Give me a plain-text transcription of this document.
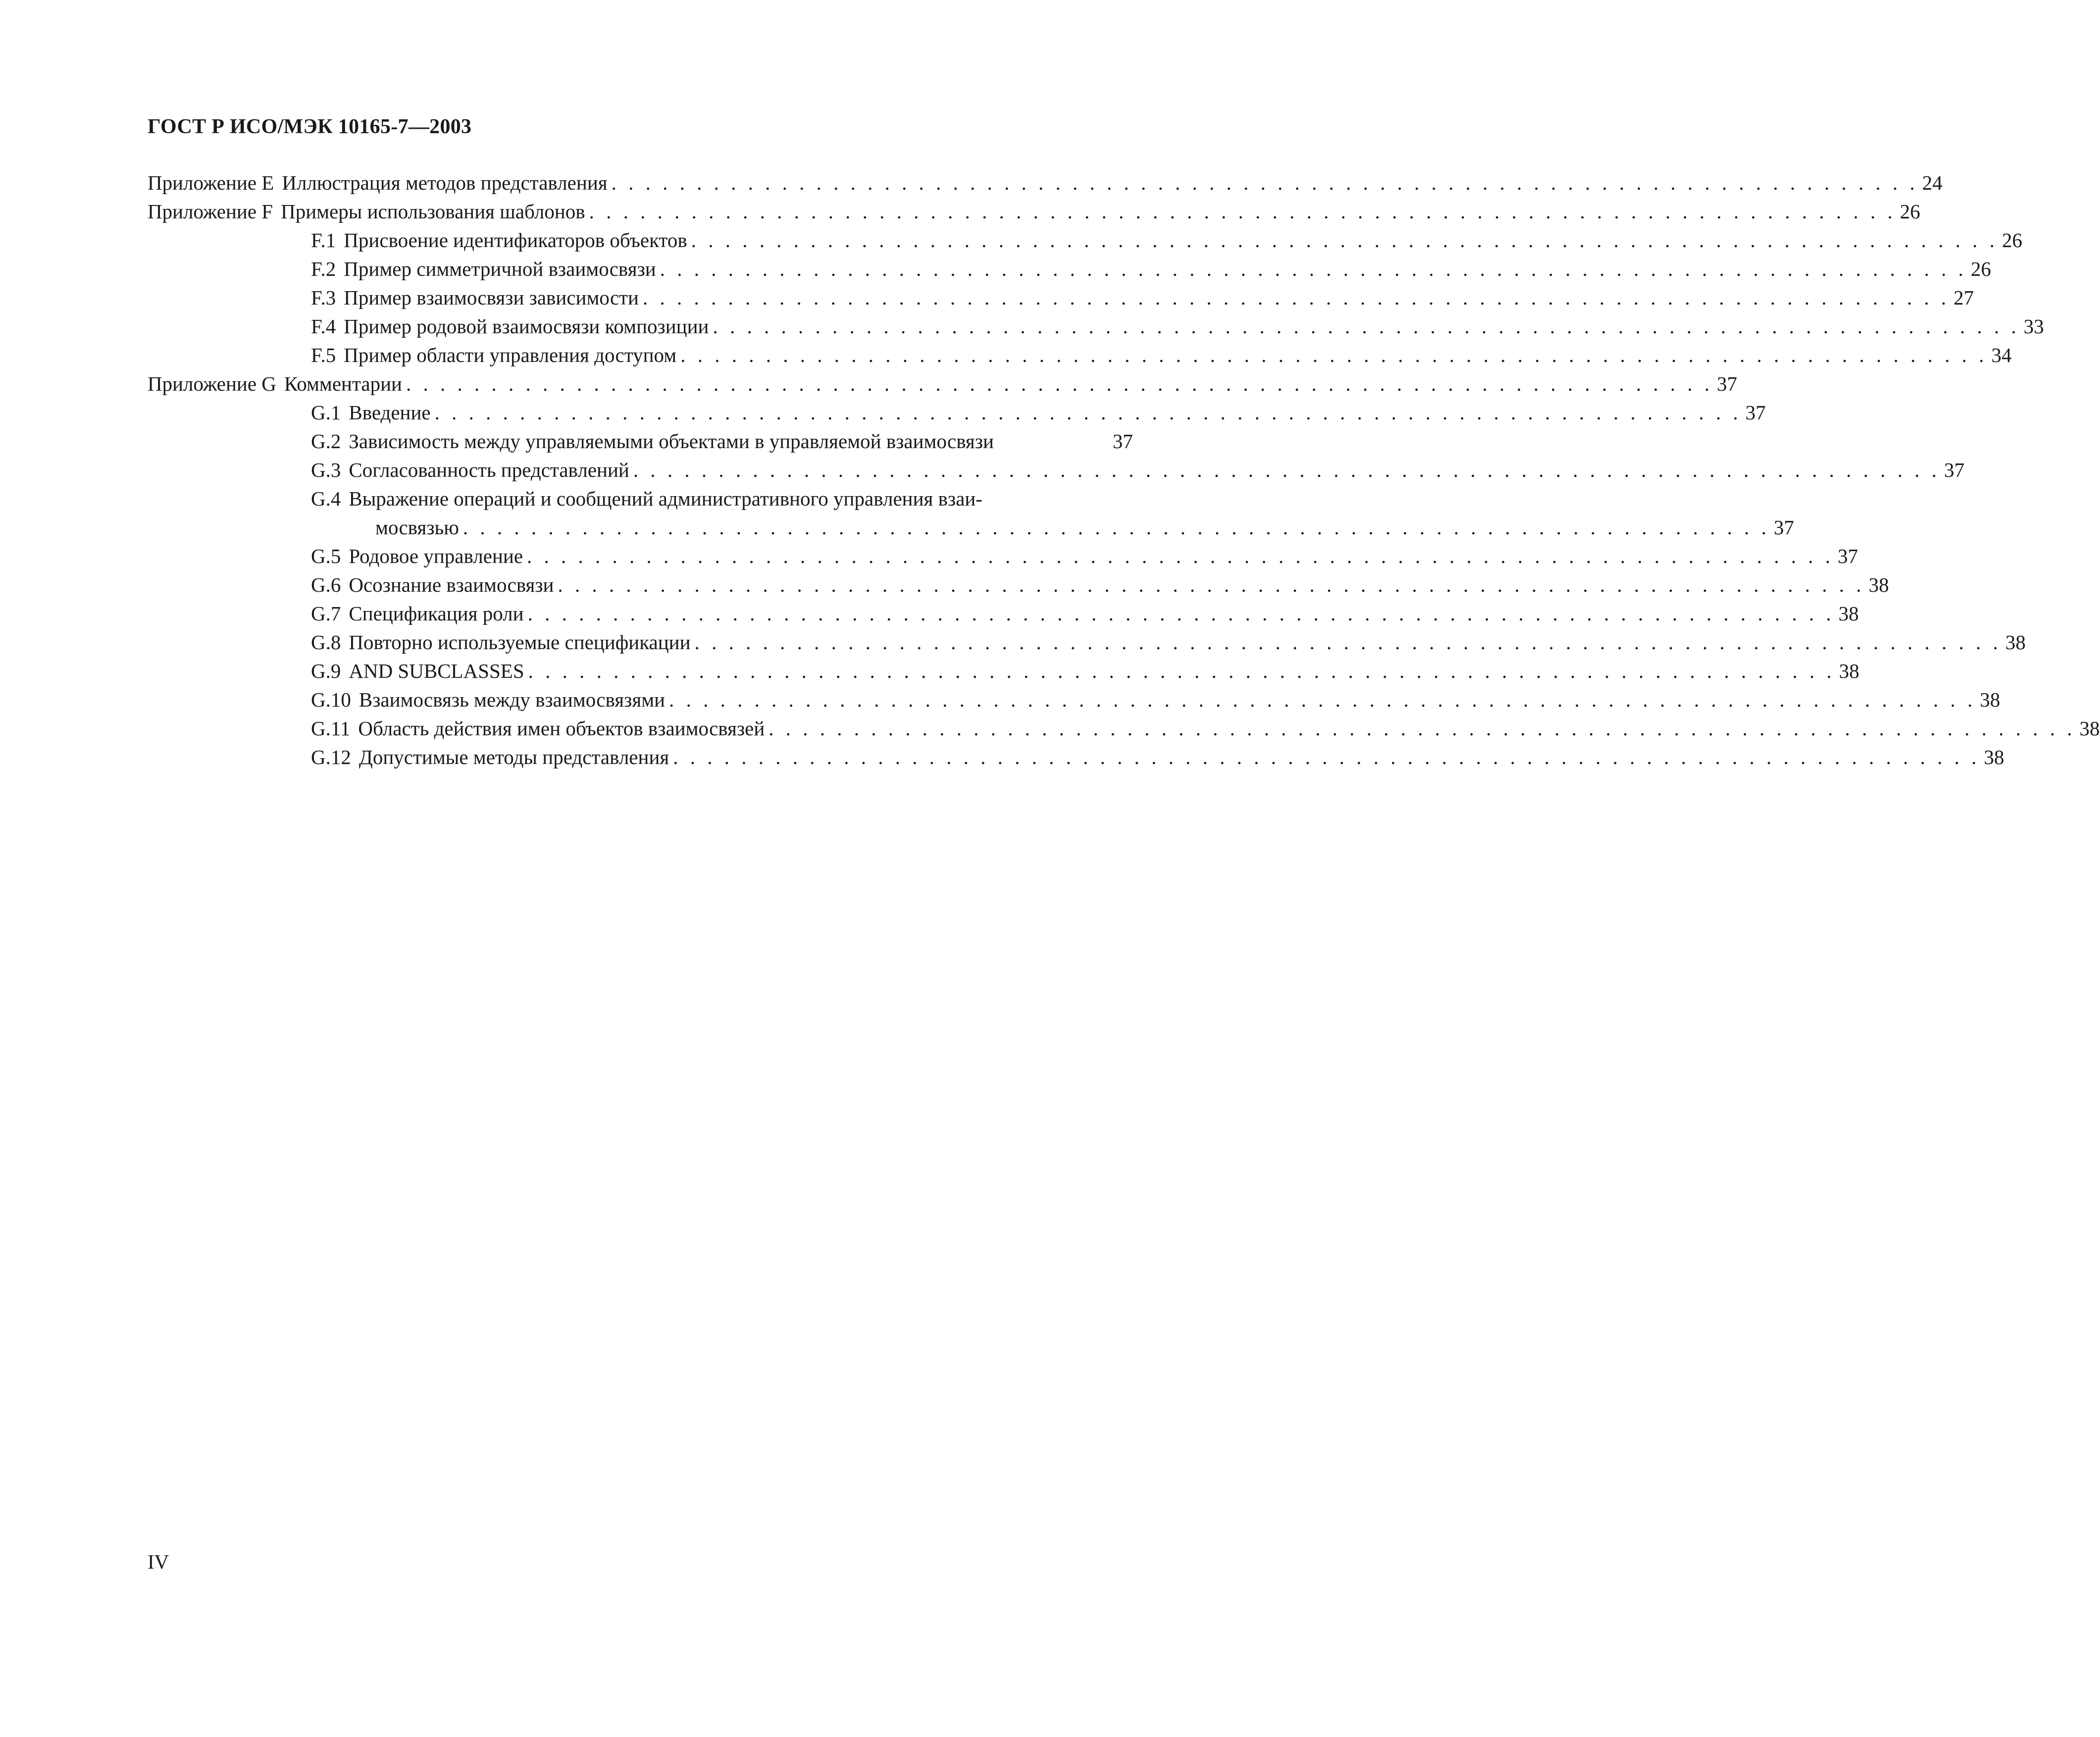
ГОСТ Р ИСО/МЭК 10165-7—2003
Приложение Е Иллюстрация методов представления . . . . . . . . . . . . . . . . . . . . . . . . . . . . . . . . . . . . . . . . . . . . . . . . . . . . . . . . . . . . . . . . . . . . . . . . . . . . . 24
Приложение F Примеры использования шаблонов . . . . . . . . . . . . . . . . . . . . . . . . . . . . . . . . . . . . . . . . . . . . . . . . . . . . . . . . . . . . . . . . . . . . . . . . . . . . . 26
F.1 Присвоение идентификаторов объектов . . . . . . . . . . . . . . . . . . . . . . . . . . . . . . . . . . . . . . . . . . . . . . . . . . . . . . . . . . . . . . . . . . . . . . . . . . . . . 26
F.2 Пример симметричной взаимосвязи . . . . . . . . . . . . . . . . . . . . . . . . . . . . . . . . . . . . . . . . . . . . . . . . . . . . . . . . . . . . . . . . . . . . . . . . . . . . . 26
F.3 Пример взаимосвязи зависимости . . . . . . . . . . . . . . . . . . . . . . . . . . . . . . . . . . . . . . . . . . . . . . . . . . . . . . . . . . . . . . . . . . . . . . . . . . . . . 27
F.4 Пример родовой взаимосвязи композиции . . . . . . . . . . . . . . . . . . . . . . . . . . . . . . . . . . . . . . . . . . . . . . . . . . . . . . . . . . . . . . . . . . . . . . . . . . . . . 33
F.5 Пример области управления доступом . . . . . . . . . . . . . . . . . . . . . . . . . . . . . . . . . . . . . . . . . . . . . . . . . . . . . . . . . . . . . . . . . . . . . . . . . . . . . 34
Приложение G Комментарии . . . . . . . . . . . . . . . . . . . . . . . . . . . . . . . . . . . . . . . . . . . . . . . . . . . . . . . . . . . . . . . . . . . . . . . . . . . . . 37
G.1 Введение . . . . . . . . . . . . . . . . . . . . . . . . . . . . . . . . . . . . . . . . . . . . . . . . . . . . . . . . . . . . . . . . . . . . . . . . . . . . . 37
G.2 Зависимость между управляемыми объектами в управляемой взаимосвязи	37
G.3 Согласованность представлений . . . . . . . . . . . . . . . . . . . . . . . . . . . . . . . . . . . . . . . . . . . . . . . . . . . . . . . . . . . . . . . . . . . . . . . . . . . . . 37
G.4 Выражение операций и сообщений административного управления взаи-
мосвязью . . . . . . . . . . . . . . . . . . . . . . . . . . . . . . . . . . . . . . . . . . . . . . . . . . . . . . . . . . . . . . . . . . . . . . . . . . . . . 37
G.5 Родовое управление . . . . . . . . . . . . . . . . . . . . . . . . . . . . . . . . . . . . . . . . . . . . . . . . . . . . . . . . . . . . . . . . . . . . . . . . . . . . . 37
G.6 Осознание взаимосвязи . . . . . . . . . . . . . . . . . . . . . . . . . . . . . . . . . . . . . . . . . . . . . . . . . . . . . . . . . . . . . . . . . . . . . . . . . . . . . 38
G.7 Спецификация роли . . . . . . . . . . . . . . . . . . . . . . . . . . . . . . . . . . . . . . . . . . . . . . . . . . . . . . . . . . . . . . . . . . . . . . . . . . . . . 38
G.8 Повторно используемые спецификации . . . . . . . . . . . . . . . . . . . . . . . . . . . . . . . . . . . . . . . . . . . . . . . . . . . . . . . . . . . . . . . . . . . . . . . . . . . . . 38
G.9 AND SUBCLASSES . . . . . . . . . . . . . . . . . . . . . . . . . . . . . . . . . . . . . . . . . . . . . . . . . . . . . . . . . . . . . . . . . . . . . . . . . . . . . 38
G.10 Взаимосвязь между взаимосвязями . . . . . . . . . . . . . . . . . . . . . . . . . . . . . . . . . . . . . . . . . . . . . . . . . . . . . . . . . . . . . . . . . . . . . . . . . . . . . 38
G.11 Область действия имен объектов взаимосвязей . . . . . . . . . . . . . . . . . . . . . . . . . . . . . . . . . . . . . . . . . . . . . . . . . . . . . . . . . . . . . . . . . . . . . . . . . . . . . 38
G.12 Допустимые методы представления . . . . . . . . . . . . . . . . . . . . . . . . . . . . . . . . . . . . . . . . . . . . . . . . . . . . . . . . . . . . . . . . . . . . . . . . . . . . . 38
IV
